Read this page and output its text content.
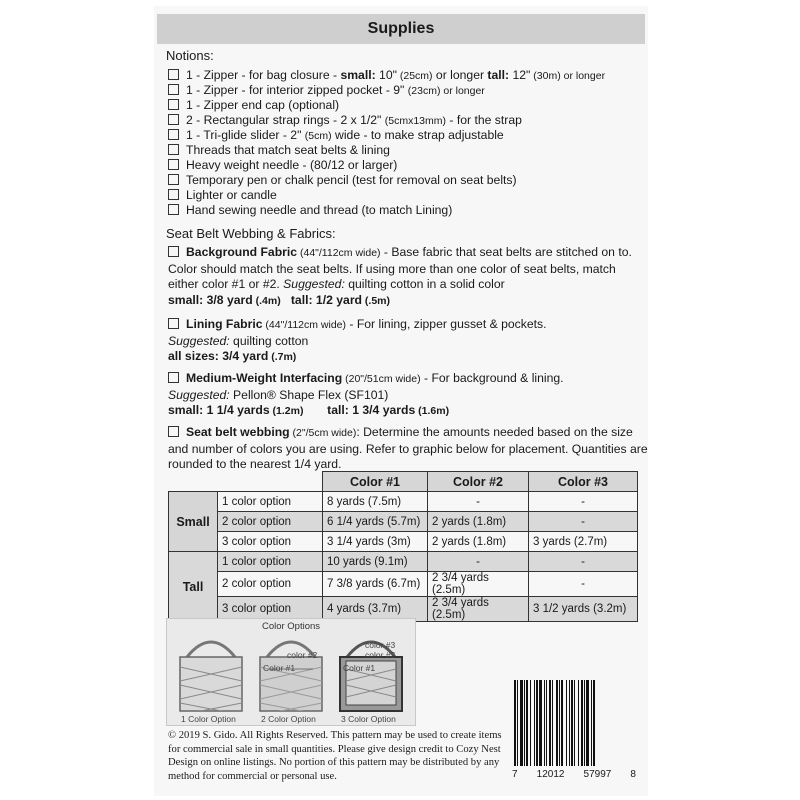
Supplies
Notions:
1 - Zipper - for bag closure - small: 10" (25cm) or longer tall: 12" (30m) or longer
1 - Zipper - for interior zipped pocket - 9" (23cm) or longer
1 - Zipper end cap (optional)
2 - Rectangular strap rings - 2 x 1/2" (5cmx13mm) - for the strap
1 - Tri-glide slider - 2" (5cm) wide - to make strap adjustable
Threads that match seat belts & lining
Heavy weight needle - (80/12 or larger)
Temporary pen or chalk pencil (test for removal on seat belts)
Lighter or candle
Hand sewing needle and thread (to match Lining)
Seat Belt Webbing & Fabrics:
Background Fabric (44"/112cm wide) - Base fabric that seat belts are stitched on to. Color should match the seat belts. If using more than one color of seat belts, match either color #1 or #2. Suggested: quilting cotton in a solid color
small: 3/8 yard (.4m) tall: 1/2 yard (.5m)
Lining Fabric (44"/112cm wide) - For lining, zipper gusset & pockets.
Suggested: quilting cotton
all sizes: 3/4 yard (.7m)
Medium-Weight Interfacing (20"/51cm wide) - For background & lining.
Suggested: Pellon® Shape Flex (SF101)
small: 1 1/4 yards (1.2m) tall: 1 3/4 yards (1.6m)
Seat belt webbing (2"/5cm wide): Determine the amounts needed based on the size and number of colors you are using. Refer to graphic below for placement. Quantities are rounded to the nearest 1/4 yard.
		Color #1	Color #2	Color #3
Small	1 color option	8 yards (7.5m)	-	-
	2 color option	6 1/4 yards (5.7m)	2 yards (1.8m)	-
	3 color option	3 1/4 yards (3m)	2 yards (1.8m)	3 yards (2.7m)
Tall	1 color option	10 yards (9.1m)	-	-
	2 color option	7 3/8 yards (6.7m)	2 3/4 yards (2.5m)	-
	3 color option	4 yards (3.7m)	2 3/4 yards (2.5m)	3 1/2 yards (3.2m)
Color Options
color #2
Color #1
color #3
color #2
Color #1
1 Color Option	2 Color Option	3 Color Option
© 2019 S. Gido. All Rights Reserved. This pattern may be used to create items for commercial sale in small quantities. Please give design credit to Cozy Nest Design on online listings. No portion of this pattern may be distributed by any method for commercial or personal use.	7 12012 57997 8
